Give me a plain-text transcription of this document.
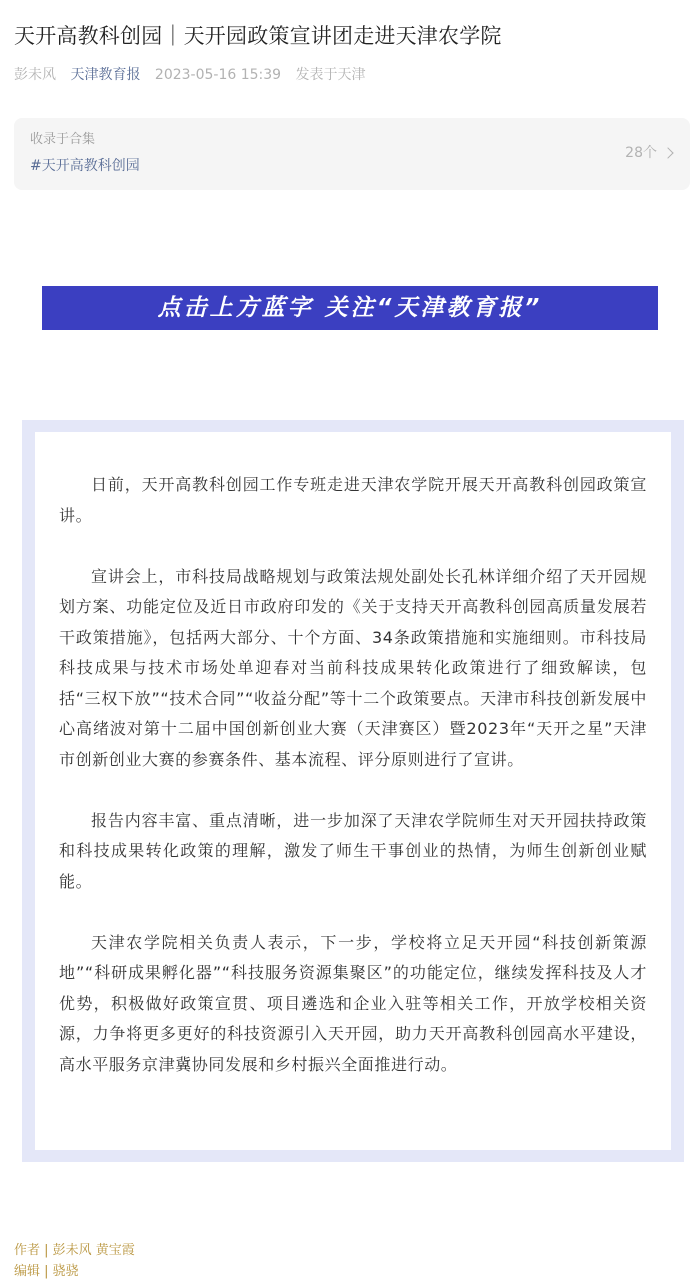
天开高教科创园｜天开园政策宣讲团走进天津农学院
彭未风 天津教育报 2023-05-16 15:39 发表于天津
收录于合集
#天开高教科创园
28个
点击上方蓝字 关注“天津教育报”

日前，天开高教科创园工作专班走进天津农学院开展天开高教科创园政策宣讲。

宣讲会上，市科技局战略规划与政策法规处副处长孔林详细介绍了天开园规划方案、功能定位及近日市政府印发的《关于支持天开高教科创园高质量发展若干政策措施》，包括两大部分、十个方面、34条政策措施和实施细则。市科技局科技成果与技术市场处单迎春对当前科技成果转化政策进行了细致解读，包括“三权下放”“技术合同”“收益分配”等十二个政策要点。天津市科技创新发展中心高绪波对第十二届中国创新创业大赛（天津赛区）暨2023年“天开之星”天津市创新创业大赛的参赛条件、基本流程、评分原则进行了宣讲。

报告内容丰富、重点清晰，进一步加深了天津农学院师生对天开园扶持政策和科技成果转化政策的理解，激发了师生干事创业的热情，为师生创新创业赋能。

天津农学院相关负责人表示，下一步，学校将立足天开园“科技创新策源地”“科研成果孵化器”“科技服务资源集聚区”的功能定位，继续发挥科技及人才优势，积极做好政策宣贯、项目遴选和企业入驻等相关工作，开放学校相关资源，力争将更多更好的科技资源引入天开园，助力天开高教科创园高水平建设，高水平服务京津冀协同发展和乡村振兴全面推进行动。

作者 | 彭未风 黄宝霞
编辑 | 骁骁
